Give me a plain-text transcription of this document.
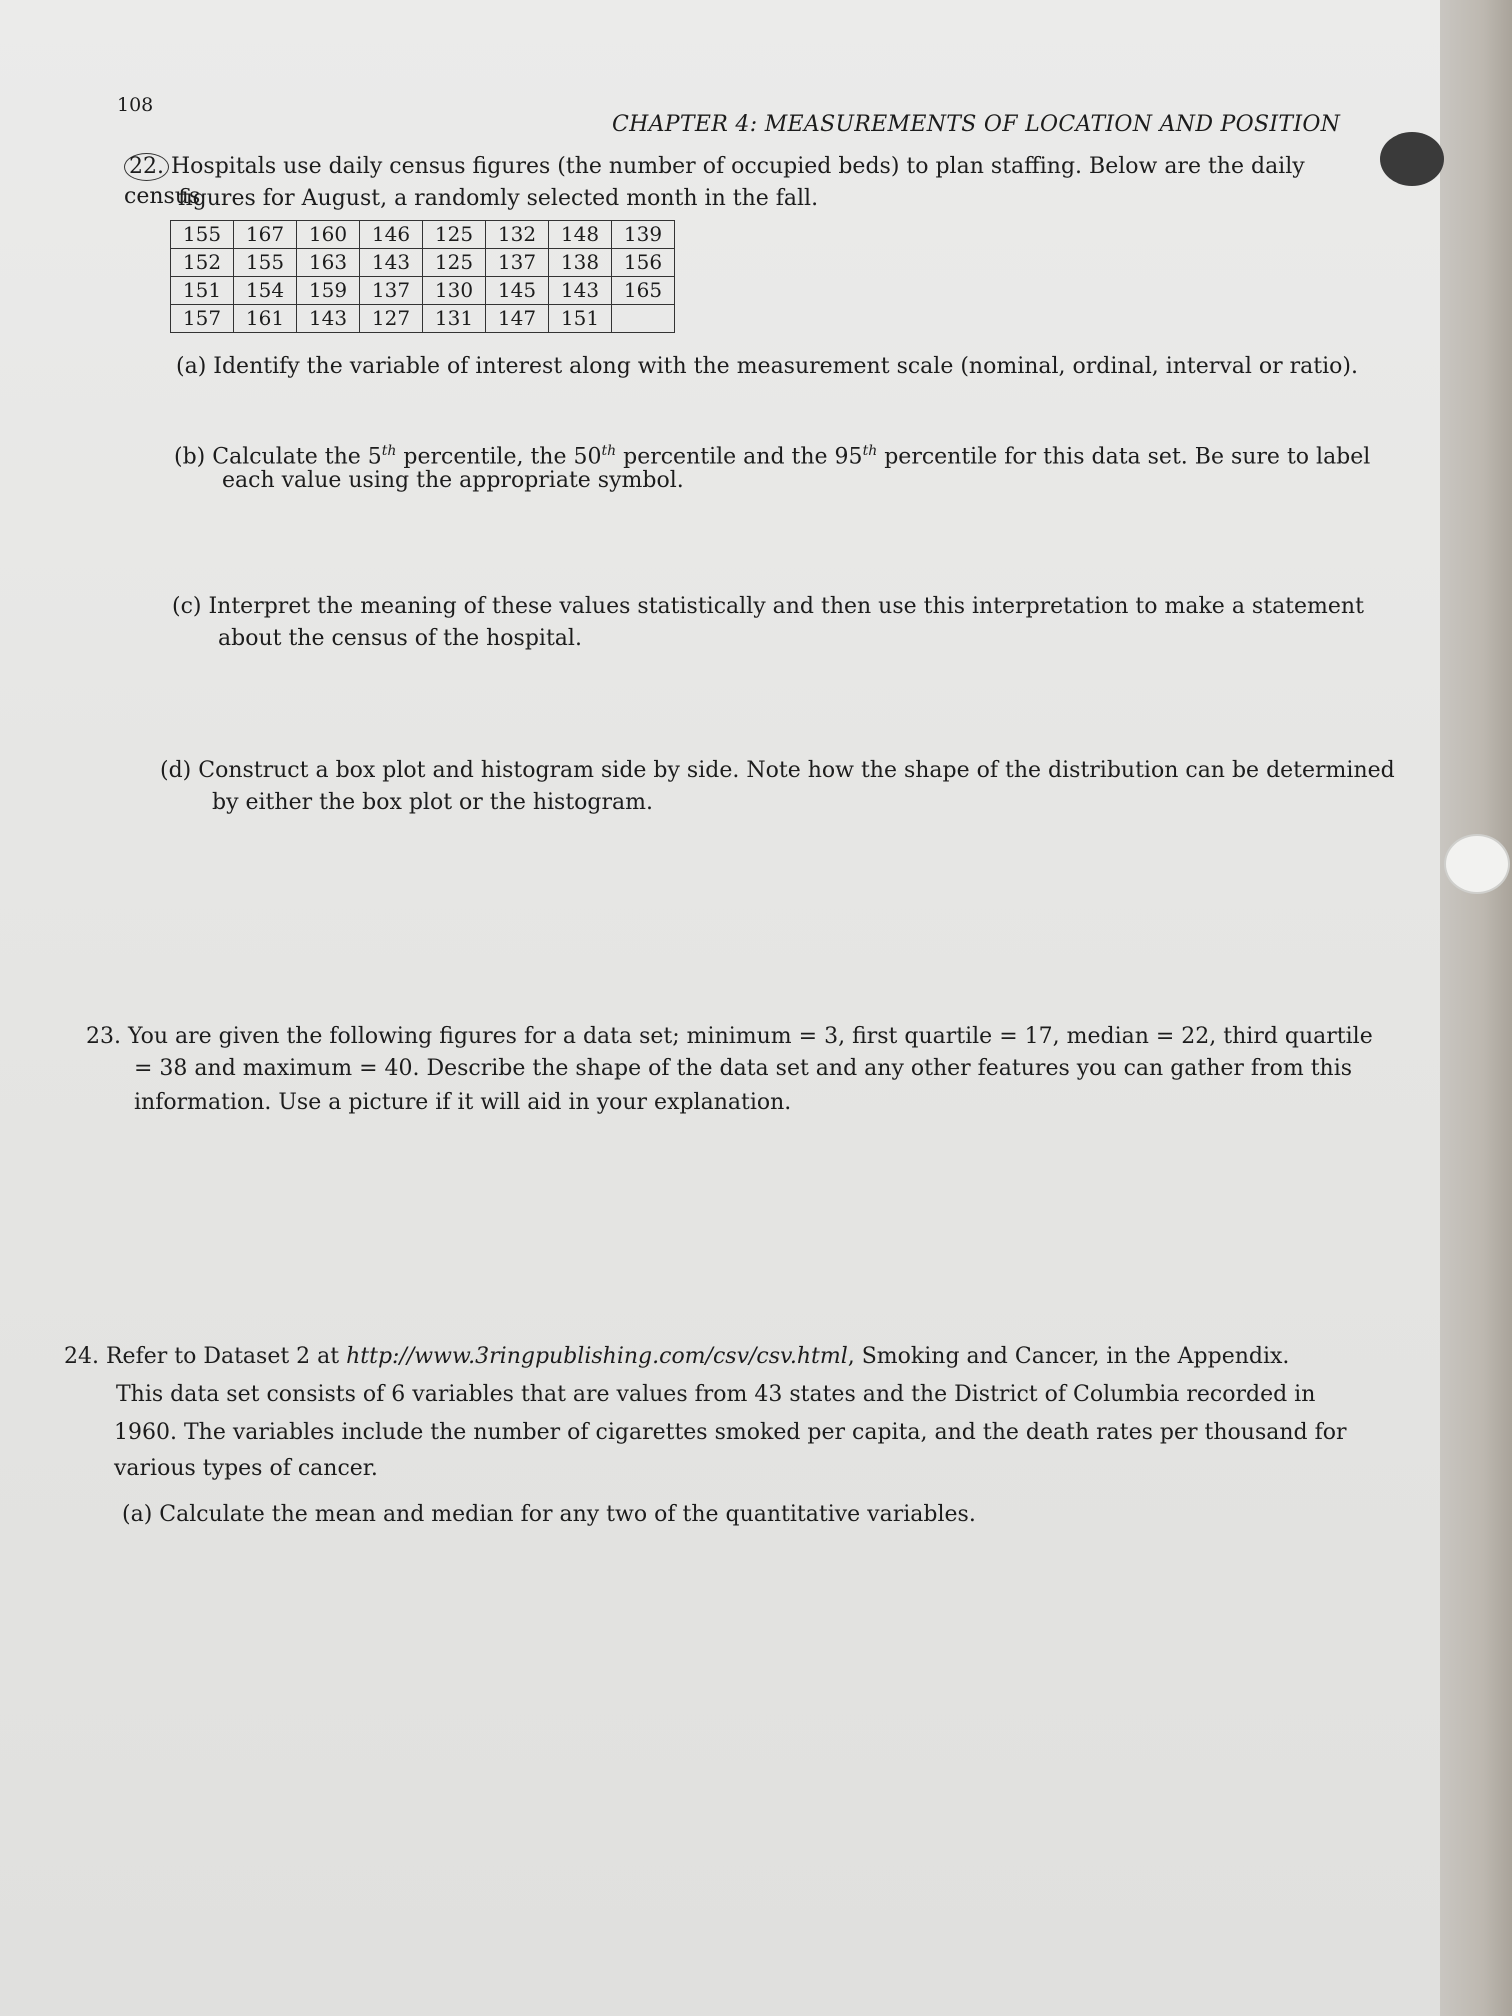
108
CHAPTER 4: MEASUREMENTS OF LOCATION AND POSITION
22. Hospitals use daily census figures (the number of occupied beds) to plan staffing. Below are the daily census
figures for August, a randomly selected month in the fall.
155	167	160	146	125	132	148	139
152	155	163	143	125	137	138	156
151	154	159	137	130	145	143	165
157	161	143	127	131	147	151	
(a) Identify the variable of interest along with the measurement scale (nominal, ordinal, interval or ratio).
(b) Calculate the 5th percentile, the 50th percentile and the 95th percentile for this data set. Be sure to label
each value using the appropriate symbol.
(c) Interpret the meaning of these values statistically and then use this interpretation to make a statement
about the census of the hospital.
(d) Construct a box plot and histogram side by side. Note how the shape of the distribution can be determined
by either the box plot or the histogram.
23. You are given the following figures for a data set; minimum = 3, first quartile = 17, median = 22, third quartile
= 38 and maximum = 40. Describe the shape of the data set and any other features you can gather from this
information. Use a picture if it will aid in your explanation.
24. Refer to Dataset 2 at http://www.3ringpublishing.com/csv/csv.html, Smoking and Cancer, in the Appendix.
This data set consists of 6 variables that are values from 43 states and the District of Columbia recorded in
1960. The variables include the number of cigarettes smoked per capita, and the death rates per thousand for
various types of cancer.
(a) Calculate the mean and median for any two of the quantitative variables.
